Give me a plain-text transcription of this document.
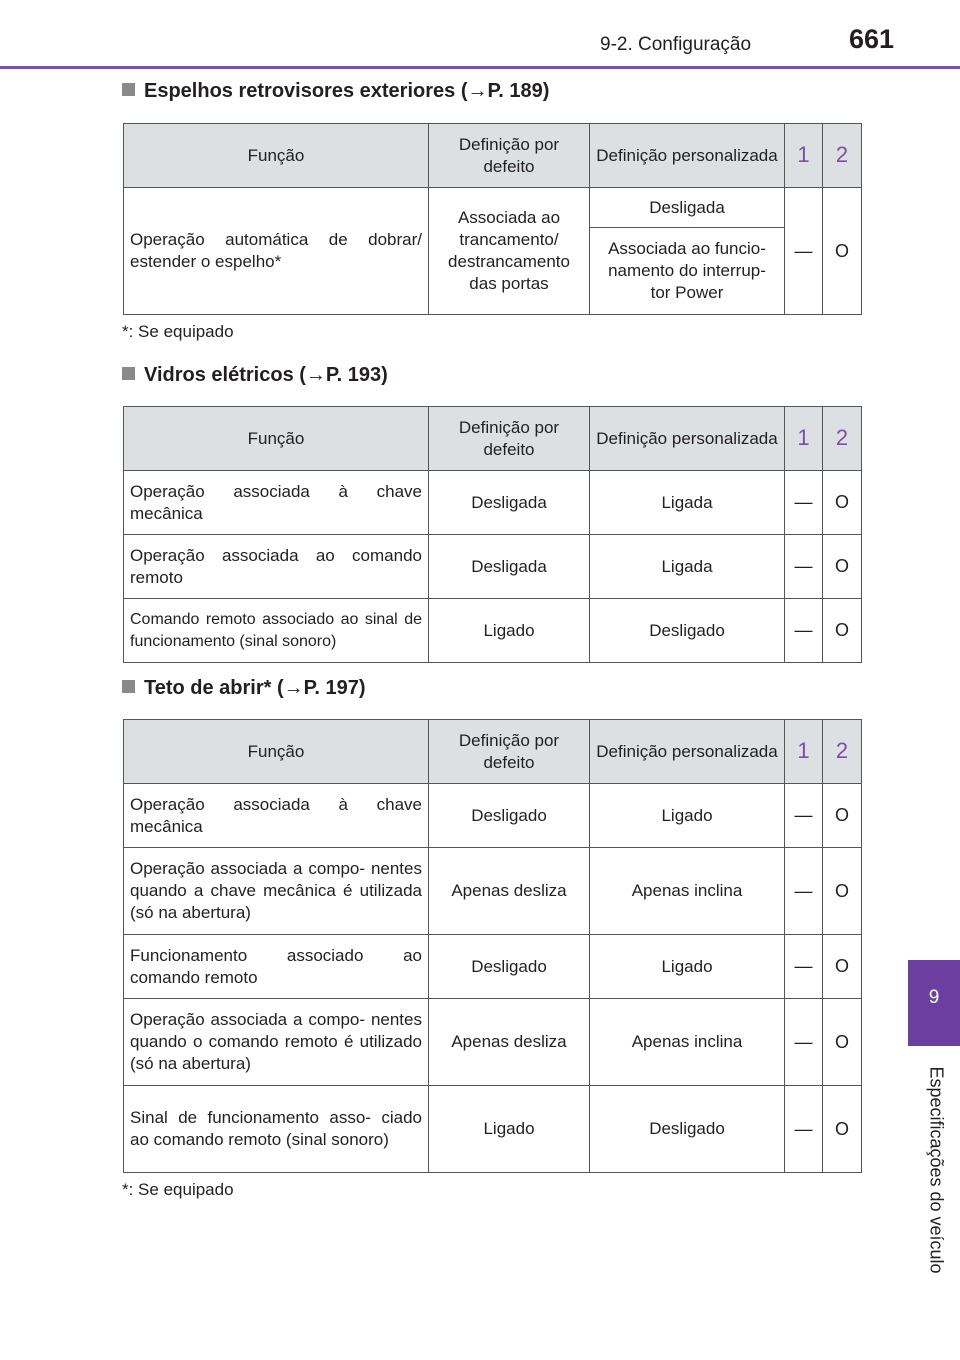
9-2. Configuração	661
9
Especificações do veículo
Espelhos retrovisores exteriores (→P. 189)
Função	Definição por defeito	Definição personalizada	1	2
Operação automática de dobrar/ estender o espelho*	Associada ao trancamento/ destrancamento das portas	Desligada	—	O
		Associada ao funcio- namento do interrup- tor Power		
*: Se equipado
Vidros elétricos (→P. 193)
Função	Definição por defeito	Definição personalizada	1	2
Operação associada à chave mecânica	Desligada	Ligada	—	O
Operação associada ao comando remoto	Desligada	Ligada	—	O
Comando remoto associado ao sinal de funcionamento (sinal sonoro)	Ligado	Desligado	—	O
Teto de abrir* (→P. 197)
Função	Definição por defeito	Definição personalizada	1	2
Operação associada à chave mecânica	Desligado	Ligado	—	O
Operação associada a compo- nentes quando a chave mecânica é utilizada (só na abertura)	Apenas desliza	Apenas inclina	—	O
Funcionamento associado ao comando remoto	Desligado	Ligado	—	O
Operação associada a compo- nentes quando o comando remoto é utilizado (só na abertura)	Apenas desliza	Apenas inclina	—	O
Sinal de funcionamento asso- ciado ao comando remoto (sinal sonoro)	Ligado	Desligado	—	O
*: Se equipado
